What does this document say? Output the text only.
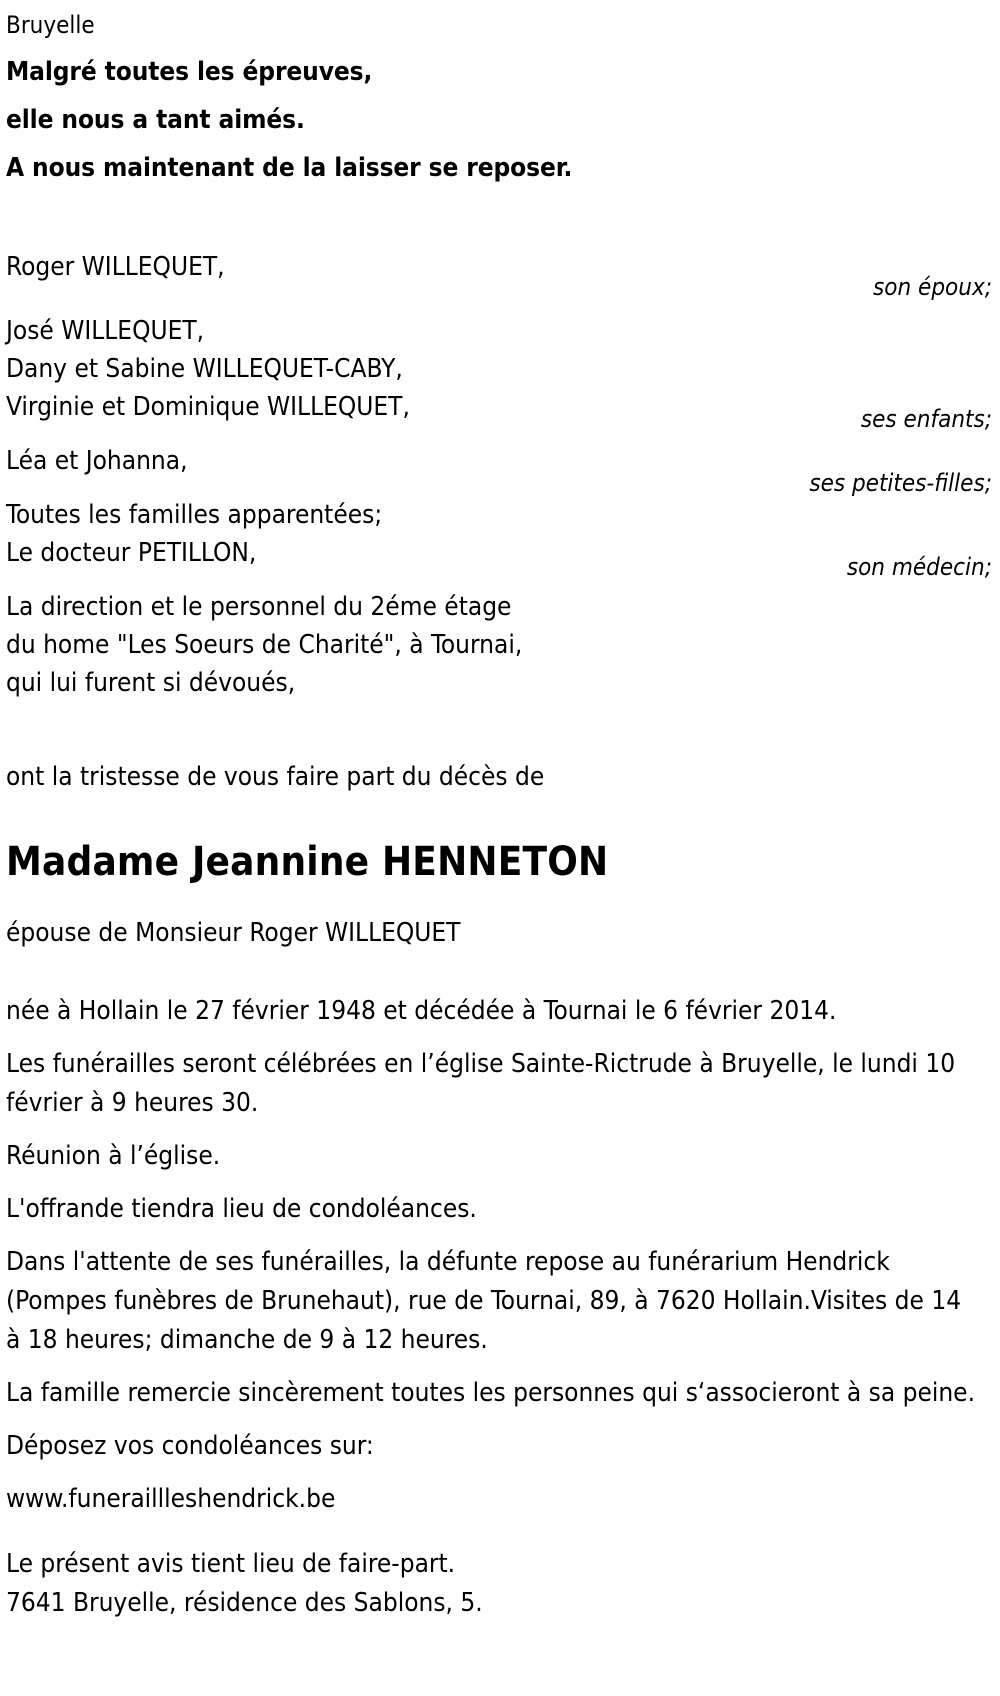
Bruyelle
Malgré toutes les épreuves,
elle nous a tant aimés.
A nous maintenant de la laisser se reposer.
Roger WILLEQUET,
son époux;
José WILLEQUET,
Dany et Sabine WILLEQUET-CABY,
Virginie et Dominique WILLEQUET,	ses enfants;
Léa et Johanna,
ses petites-filles;
Toutes les familles apparentées;
Le docteur PETILLON,	son médecin;
La direction et le personnel du 2éme étage
du home "Les Soeurs de Charité", à Tournai,
qui lui furent si dévoués,
ont la tristesse de vous faire part du décès de
Madame Jeannine HENNETON
épouse de Monsieur Roger WILLEQUET
née à Hollain le 27 février 1948 et décédée à Tournai le 6 février 2014.
Les funérailles seront célébrées en l’église Sainte-Rictrude à Bruyelle, le lundi 10 février à 9 heures 30.
Réunion à l’église.
L'offrande tiendra lieu de condoléances.
Dans l'attente de ses funérailles, la défunte repose au funérarium Hendrick (Pompes funèbres de Brunehaut), rue de Tournai, 89, à 7620 Hollain.Visites de 14 à 18 heures; dimanche de 9 à 12 heures.
La famille remercie sincèrement toutes les personnes qui s‘associeront à sa peine.
Déposez vos condoléances sur:
www.funeraillleshendrick.be
Le présent avis tient lieu de faire-part.
7641 Bruyelle, résidence des Sablons, 5.
